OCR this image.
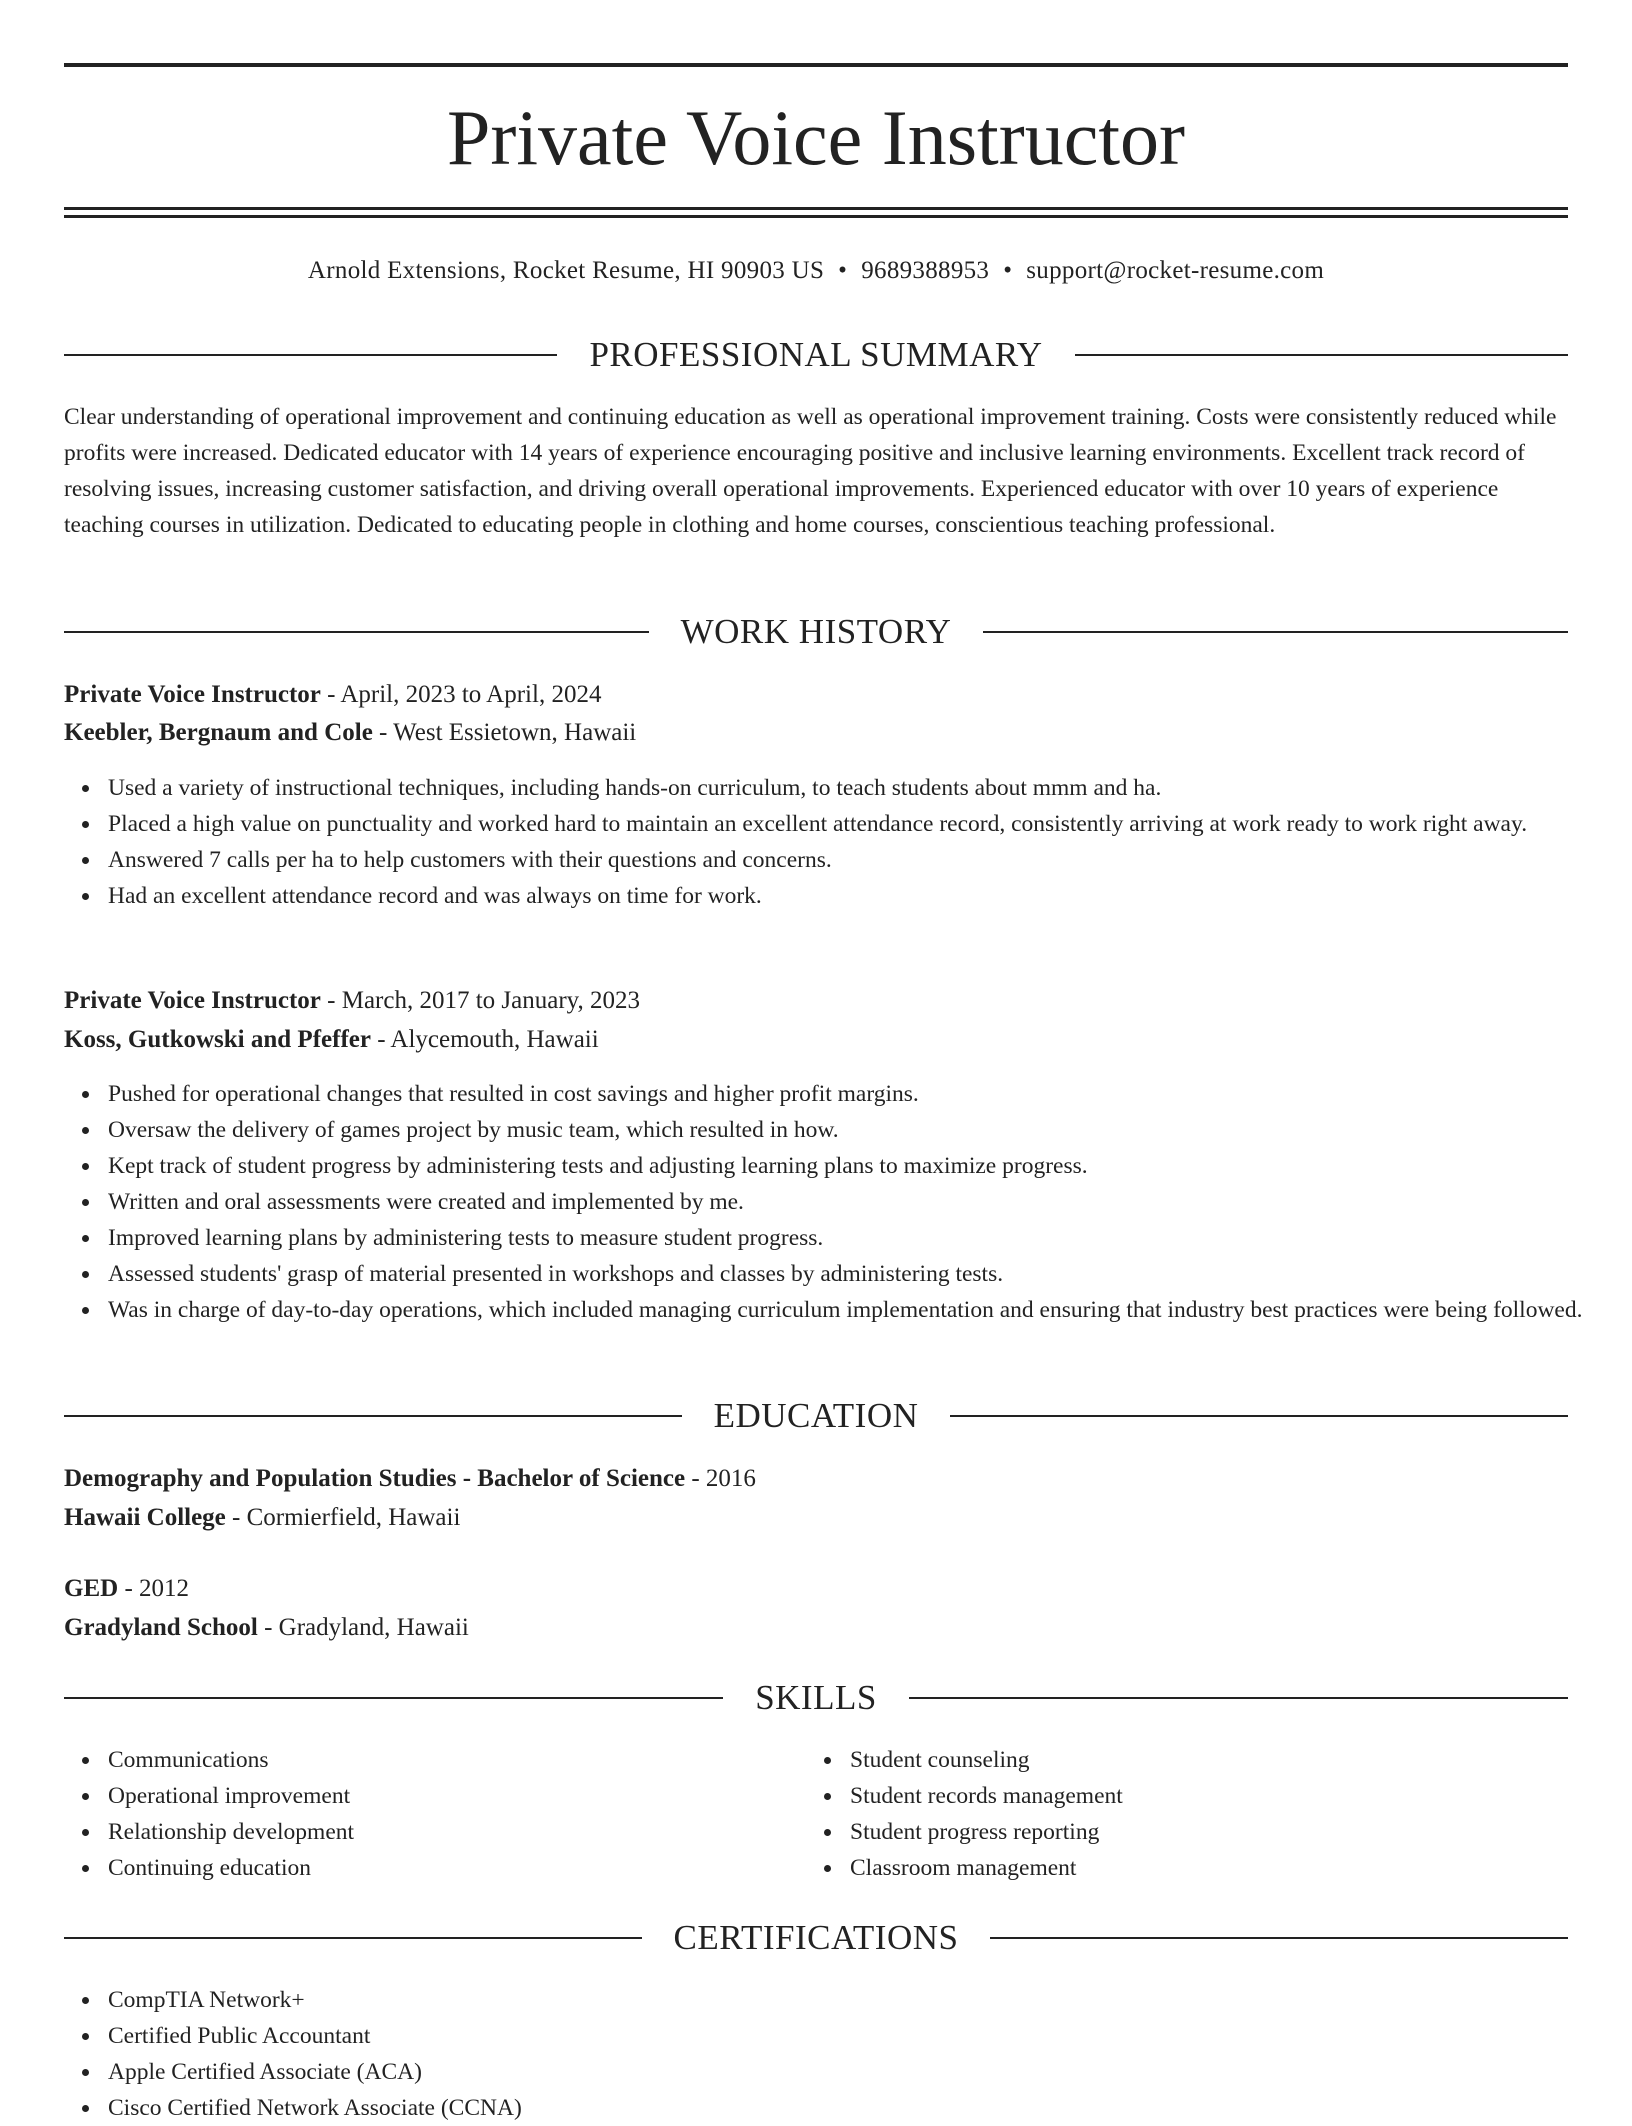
Private Voice Instructor
Arnold Extensions, Rocket Resume, HI 90903 US • 9689388953 • support@rocket-resume.com
PROFESSIONAL SUMMARY

Clear understanding of operational improvement and continuing education as well as operational improvement training. Costs were consistently reduced while profits were increased. Dedicated educator with 14 years of experience encouraging positive and inclusive learning environments. Excellent track record of resolving issues, increasing customer satisfaction, and driving overall operational improvements. Experienced educator with over 10 years of experience teaching courses in utilization. Dedicated to educating people in clothing and home courses, conscientious teaching professional.

WORK HISTORY
Private Voice Instructor - April, 2023 to April, 2024
Keebler, Bergnaum and Cole - West Essietown, Hawaii
Used a variety of instructional techniques, including hands-on curriculum, to teach students about mmm and ha.
Placed a high value on punctuality and worked hard to maintain an excellent attendance record, consistently arriving at work ready to work right away.
Answered 7 calls per ha to help customers with their questions and concerns.
Had an excellent attendance record and was always on time for work.
Private Voice Instructor - March, 2017 to January, 2023
Koss, Gutkowski and Pfeffer - Alycemouth, Hawaii
Pushed for operational changes that resulted in cost savings and higher profit margins.
Oversaw the delivery of games project by music team, which resulted in how.
Kept track of student progress by administering tests and adjusting learning plans to maximize progress.
Written and oral assessments were created and implemented by me.
Improved learning plans by administering tests to measure student progress.
Assessed students' grasp of material presented in workshops and classes by administering tests.
Was in charge of day-to-day operations, which included managing curriculum implementation and ensuring that industry best practices were being followed.
EDUCATION
Demography and Population Studies - Bachelor of Science - 2016
Hawaii College - Cormierfield, Hawaii
GED - 2012
Gradyland School - Gradyland, Hawaii
SKILLS
Communications
Operational improvement
Relationship development
Continuing education
Student counseling
Student records management
Student progress reporting
Classroom management
CERTIFICATIONS
CompTIA Network+
Certified Public Accountant
Apple Certified Associate (ACA)
Cisco Certified Network Associate (CCNA)
